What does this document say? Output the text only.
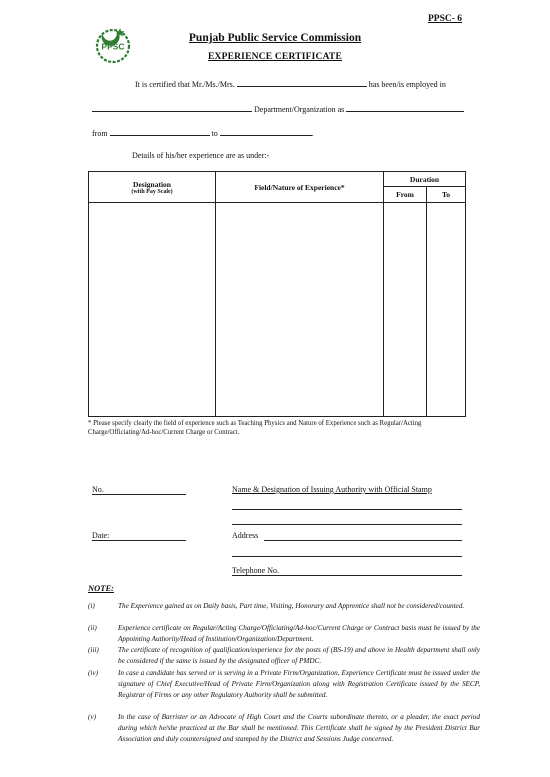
PPSC- 6
PPSC
Punjab Public Service Commission
EXPERIENCE CERTIFICATE
It is certified that Mr./Ms./Mrs.	has been/is employed in
Department/Organization as
from	to	.
Details of his/her experience are as under:-
Designation
(with Pay Scale)	Field/Nature of Experience*	Duration	
		From	To

* Please specify clearly the field of experience such as Teaching Physics and Nature of Experience such as Regular/Acting Charge/Officiating/Ad-hoc/Current Charge or Contract.
No.	Name & Designation of Issuing Authority with Official Stamp
Date:	Address
Telephone No.
NOTE:
(i)	The Experience gained as on Daily basis, Part time, Visiting, Honorary and Apprentice shall not be considered/counted.
(ii)	Experience certificate on Regular/Acting Charge/Officiating/Ad-hoc/Current Charge or Contract basis must be issued by the Appointing Authority/Head of Institution/Organization/Department.
(iii)	The certificate of recognition of qualification/experience for the posts of (BS-19) and above in Health department shall only be considered if the same is issued by the designated officer of PMDC.
(iv)	In case a candidate has served or is serving in a Private Firm/Organization, Experience Certificate must be issued under the signature of Chief Executive/Head of Private Firm/Organization along with Registration Certificate issued by the SECP, Registrar of Firms or any other Regulatory Authority shall be submitted.
(v)	In the case of Barrister or an Advocate of High Court and the Courts subordinate thereto, or a pleader, the exact period during which he/she practiced at the Bar shall be mentioned. This Certificate shall be signed by the President District Bar Association and duly countersigned and stamped by the District and Sessions Judge concerned.
